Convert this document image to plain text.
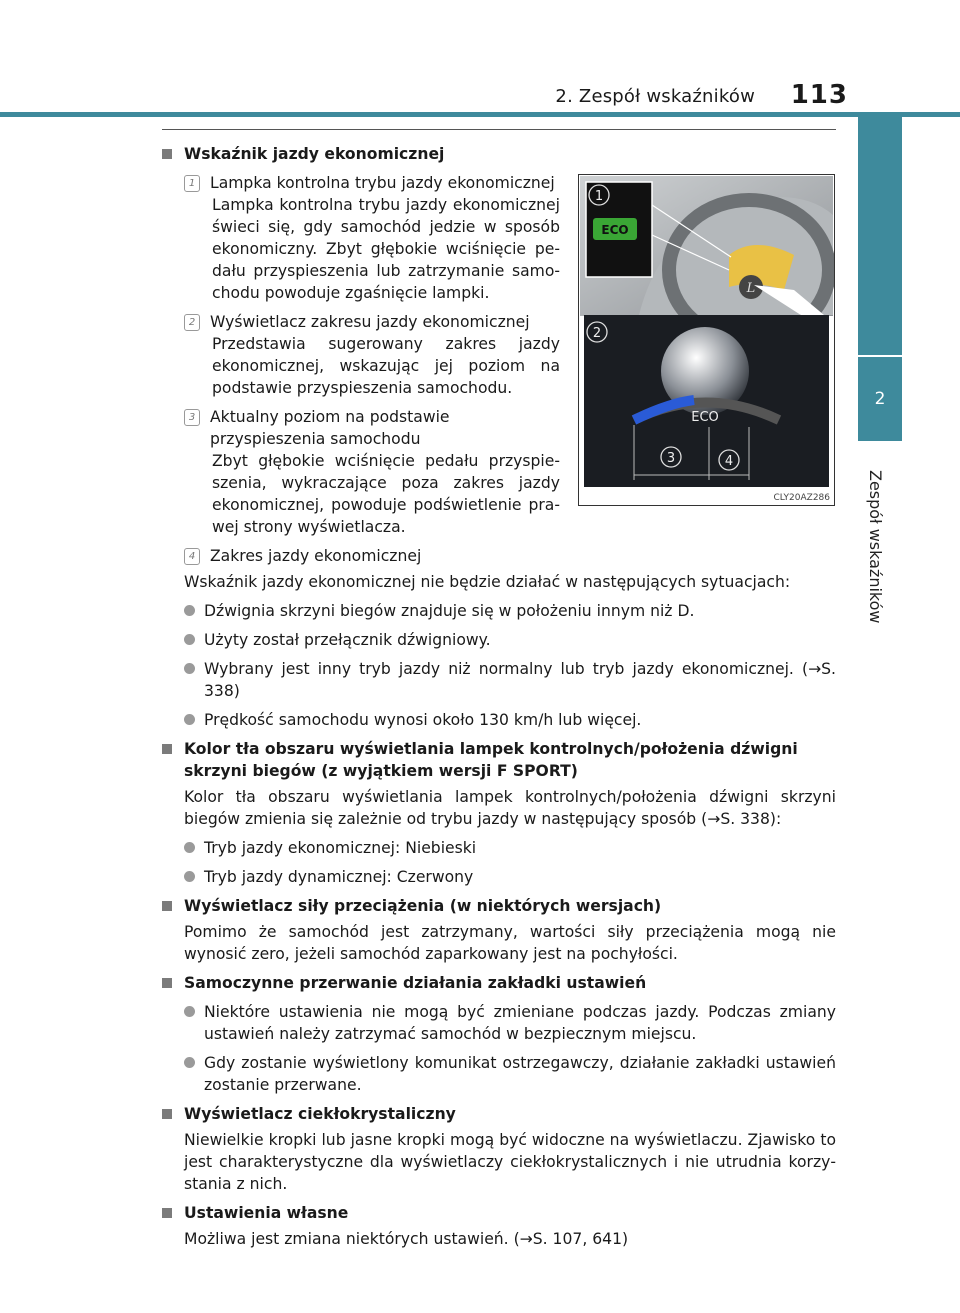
2. Zespół wskaźników 113
2
Zespół wskaźników
L
1
ECO
2
ECO
3	4
CLY20AZ286
Wskaźnik jazdy ekonomicznej
1 Lampka kontrolna trybu jazdy ekonomicznej
Lampka kontrolna trybu jazdy ekonomicznej świeci się, gdy samochód jedzie w sposób ekonomiczny. Zbyt głębokie wciśnięcie pedału przyspieszenia lub zatrzymanie samochodu powoduje zgaśnięcie lampki.
2 Wyświetlacz zakresu jazdy ekonomicznej
Przedstawia sugerowany zakres jazdy ekonomicznej, wskazując jej poziom na podstawie przyspieszenia samochodu.
3 Aktualny poziom na podstawie przyspieszenia samochodu
Zbyt głębokie wciśnięcie pedału przyspieszenia, wykraczające poza zakres jazdy ekonomicznej, powoduje podświetlenie prawej strony wyświetlacza.
4 Zakres jazdy ekonomicznej
Wskaźnik jazdy ekonomicznej nie będzie działać w następujących sytuacjach:
Dźwignia skrzyni biegów znajduje się w położeniu innym niż D.
Użyty został przełącznik dźwigniowy.
Wybrany jest inny tryb jazdy niż normalny lub tryb jazdy ekonomicznej. (→S. 338)
Prędkość samochodu wynosi około 130 km/h lub więcej.
Kolor tła obszaru wyświetlania lampek kontrolnych/położenia dźwigni skrzyni biegów (z wyjątkiem wersji F SPORT)
Kolor tła obszaru wyświetlania lampek kontrolnych/położenia dźwigni skrzyni biegów zmienia się zależnie od trybu jazdy w następujący sposób (→S. 338):
Tryb jazdy ekonomicznej: Niebieski
Tryb jazdy dynamicznej: Czerwony
Wyświetlacz siły przeciążenia (w niektórych wersjach)
Pomimo że samochód jest zatrzymany, wartości siły przeciążenia mogą nie wynosić zero, jeżeli samochód zaparkowany jest na pochyłości.
Samoczynne przerwanie działania zakładki ustawień
Niektóre ustawienia nie mogą być zmieniane podczas jazdy. Podczas zmiany ustawień należy zatrzymać samochód w bezpiecznym miejscu.
Gdy zostanie wyświetlony komunikat ostrzegawczy, działanie zakładki ustawień zostanie przerwane.
Wyświetlacz ciekłokrystaliczny
Niewielkie kropki lub jasne kropki mogą być widoczne na wyświetlaczu. Zjawisko to jest charakterystyczne dla wyświetlaczy ciekłokrystalicznych i nie utrudnia korzystania z nich.
Ustawienia własne
Możliwa jest zmiana niektórych ustawień. (→S. 107, 641)
